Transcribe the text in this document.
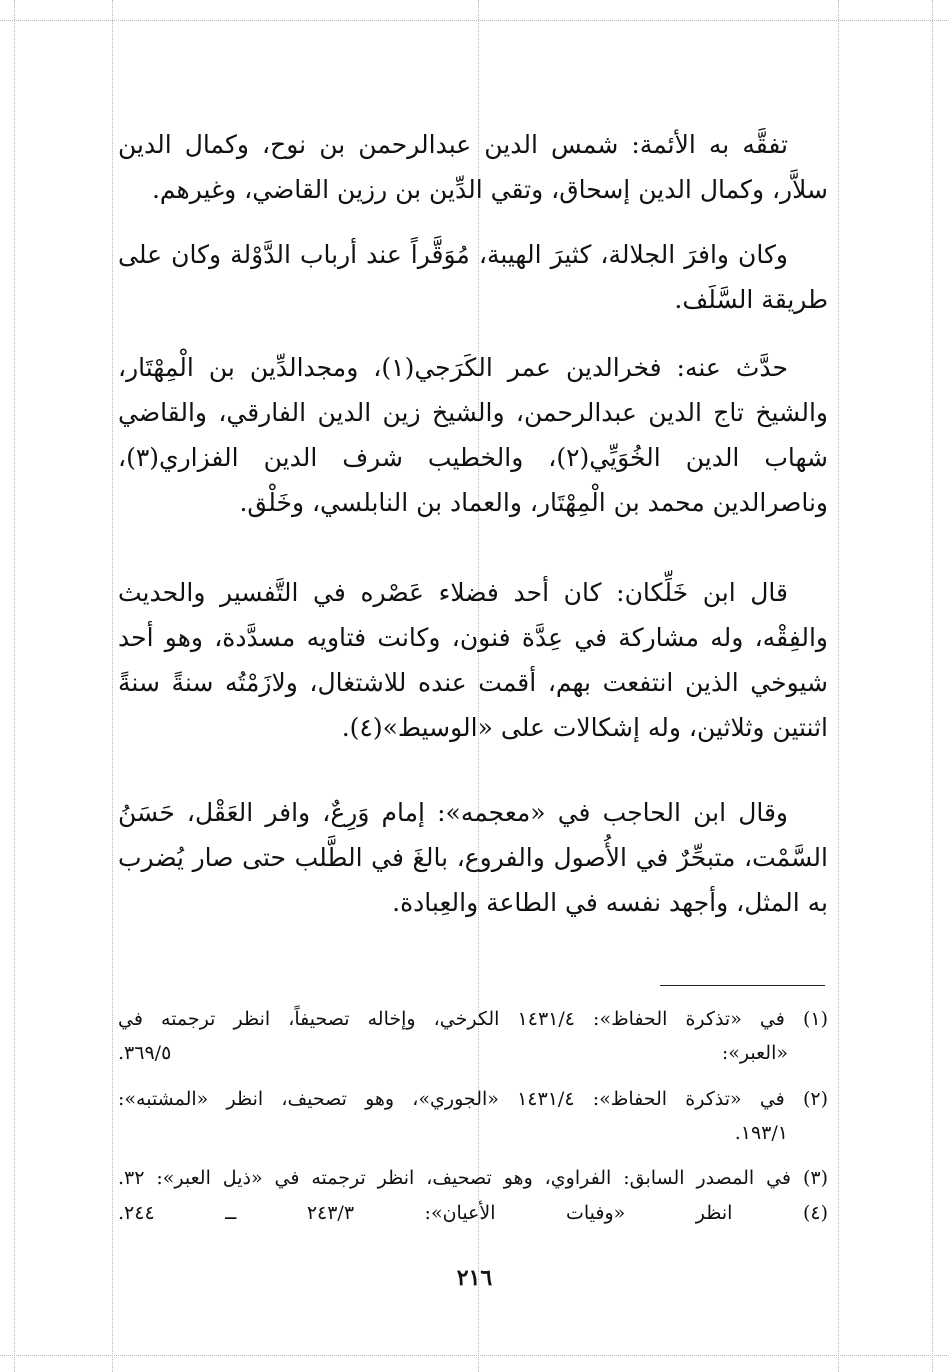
تفقَّه به الأئمة: شمس الدين عبدالرحمن بن نوح، وكمال الدين
سلاَّر، وكمال الدين إسحاق، وتقي الدِّين بن رزين القاضي، وغيرهم.
وكان وافرَ الجلالة، كثيرَ الهيبة، مُوَقَّراً عند أرباب الدَّوْلة وكان على
طريقة السَّلَف.
حدَّث عنه: فخرالدين عمر الكَرَجي(١)، ومجدالدِّين بن الْمِهْتَار،
والشيخ تاج الدين عبدالرحمن، والشيخ زين الدين الفارقي، والقاضي
شهاب الدين الخُوَيِّي(٢)، والخطيب شرف الدين الفزاري(٣)،
وناصرالدين محمد بن الْمِهْتَار، والعماد بن النابلسي، وخَلْق.
قال ابن خَلِّكان: كان أحد فضلاء عَصْره في التَّفسير والحديث
والفِقْه، وله مشاركة في عِدَّة فنون، وكانت فتاويه مسدَّدة، وهو أحد
شيوخي الذين انتفعت بهم، أقمت عنده للاشتغال، ولازَمْتُه سنةً سنةً
اثنتين وثلاثين، وله إشكالات على «الوسيط»(٤).
وقال ابن الحاجب في «معجمه»: إمام وَرِعٌ، وافر العَقْل، حَسَنُ
السَّمْت، متبحِّرٌ في الأُصول والفروع، بالغَ في الطَّلب حتى صار يُضرب
به المثل، وأجهد نفسه في الطاعة والعِبادة.
(١) في «تذكرة الحفاظ»: ١٤٣١/٤ الكرخي، وإخاله تصحيفاً، انظر ترجمته في
«العبر»: ٣٦٩/٥.
(٢) في «تذكرة الحفاظ»: ١٤٣١/٤ «الجوري»، وهو تصحيف، انظر «المشتبه»:
١٩٣/١.
(٣) في المصدر السابق: الفراوي، وهو تصحيف، انظر ترجمته في «ذيل العبر»: ٣٢.
(٤) انظر «وفيات الأعيان»: ٢٤٣/٣ ــ ٢٤٤.
٢١٦
